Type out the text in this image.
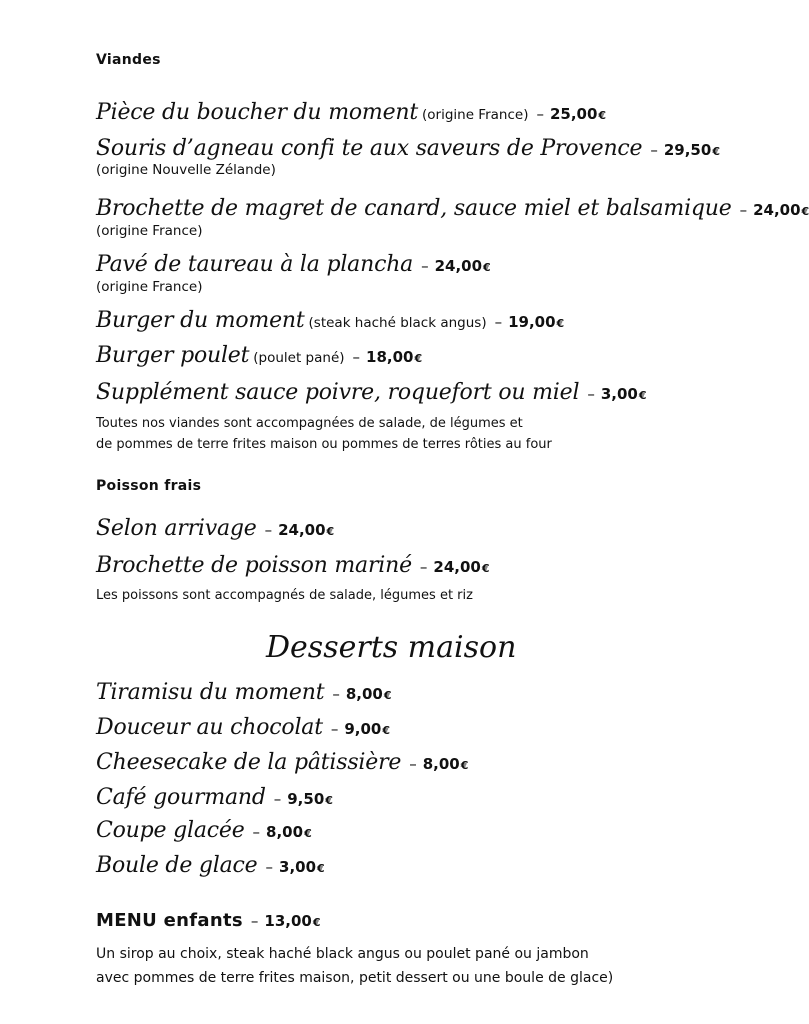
Viandes
Pièce du boucher du moment (origine France) – 25,00€
Souris d’agneau confi te aux saveurs de Provence – 29,50€
(origine Nouvelle Zélande)
Brochette de magret de canard, sauce miel et balsamique – 24,00€
(origine France)
Pavé de taureau à la plancha – 24,00€
(origine France)
Burger du moment (steak haché black angus) – 19,00€
Burger poulet (poulet pané) – 18,00€
Supplément sauce poivre, roquefort ou miel – 3,00€
Toutes nos viandes sont accompagnées de salade, de légumes et
de pommes de terre frites maison ou pommes de terres rôties au four
Poisson frais
Selon arrivage – 24,00€
Brochette de poisson mariné – 24,00€
Les poissons sont accompagnés de salade, légumes et riz
Desserts maison
Tiramisu du moment – 8,00€
Douceur au chocolat – 9,00€
Cheesecake de la pâtissière – 8,00€
Café gourmand – 9,50€
Coupe glacée – 8,00€
Boule de glace – 3,00€
MENU enfants – 13,00€
Un sirop au choix, steak haché black angus ou poulet pané ou jambon
avec pommes de terre frites maison, petit dessert ou une boule de glace)
